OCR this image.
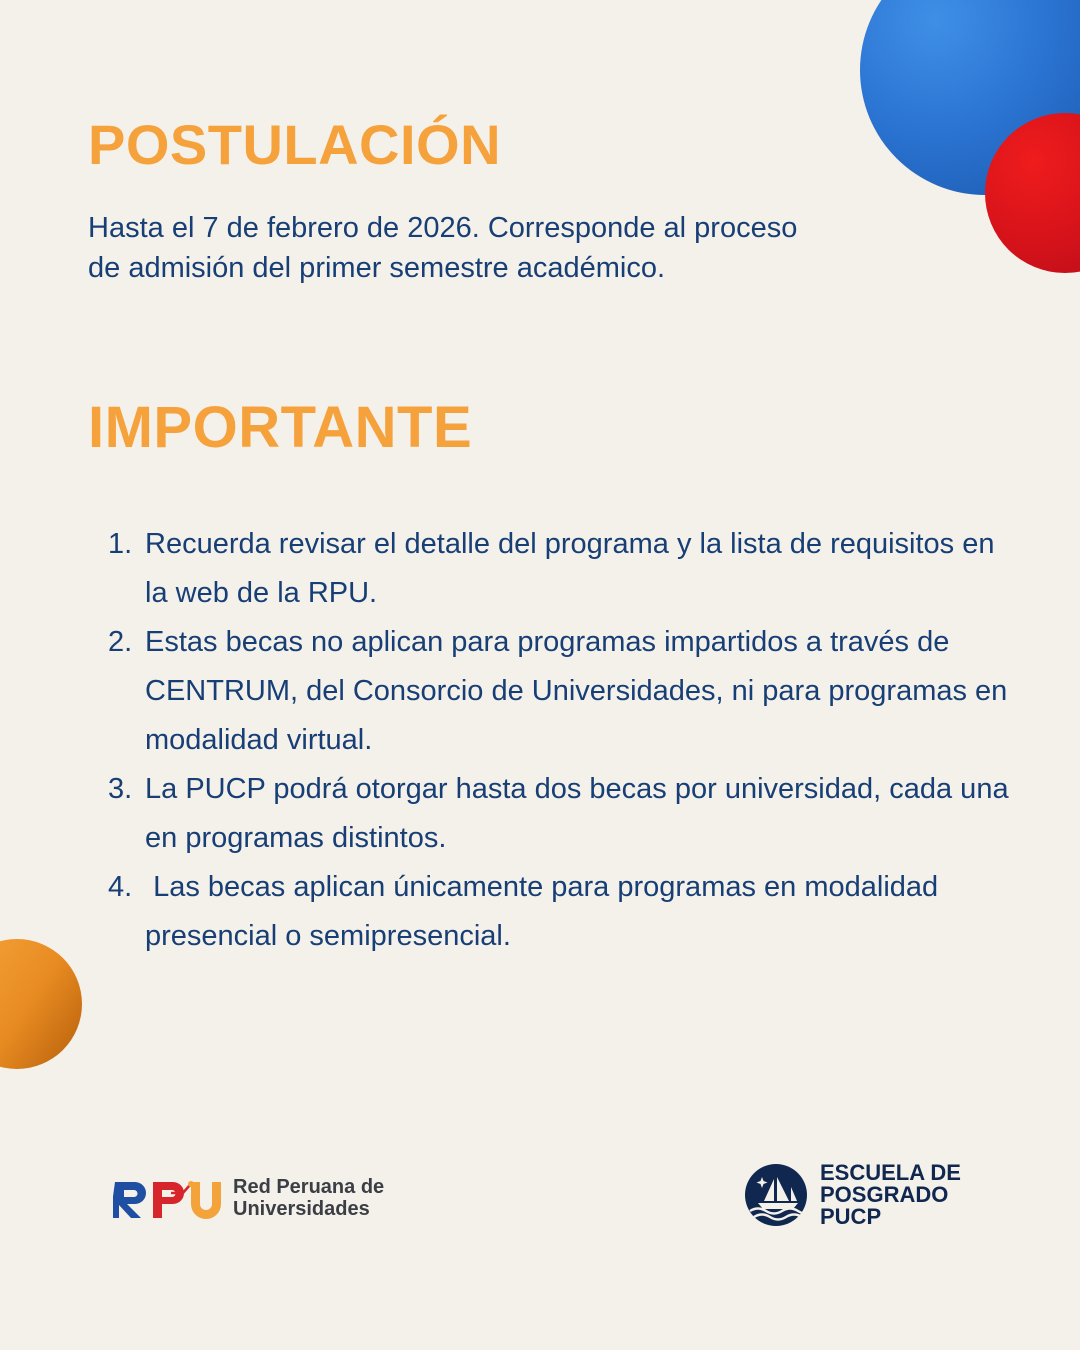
POSTULACIÓN

Hasta el 7 de febrero de 2026. Corresponde al proceso de admisión del primer semestre académico.

IMPORTANTE
1. Recuerda revisar el detalle del programa y la lista de requisitos en la web de la RPU.
2. Estas becas no aplican para programas impartidos a través de CENTRUM, del Consorcio de Universidades, ni para programas en modalidad virtual.
3. La PUCP podrá otorgar hasta dos becas por universidad, cada una en programas distintos.
4. Las becas aplican únicamente para programas en modalidad presencial o semipresencial.
Red Peruana de
Universidades
ESCUELA DE
POSGRADO
PUCP
